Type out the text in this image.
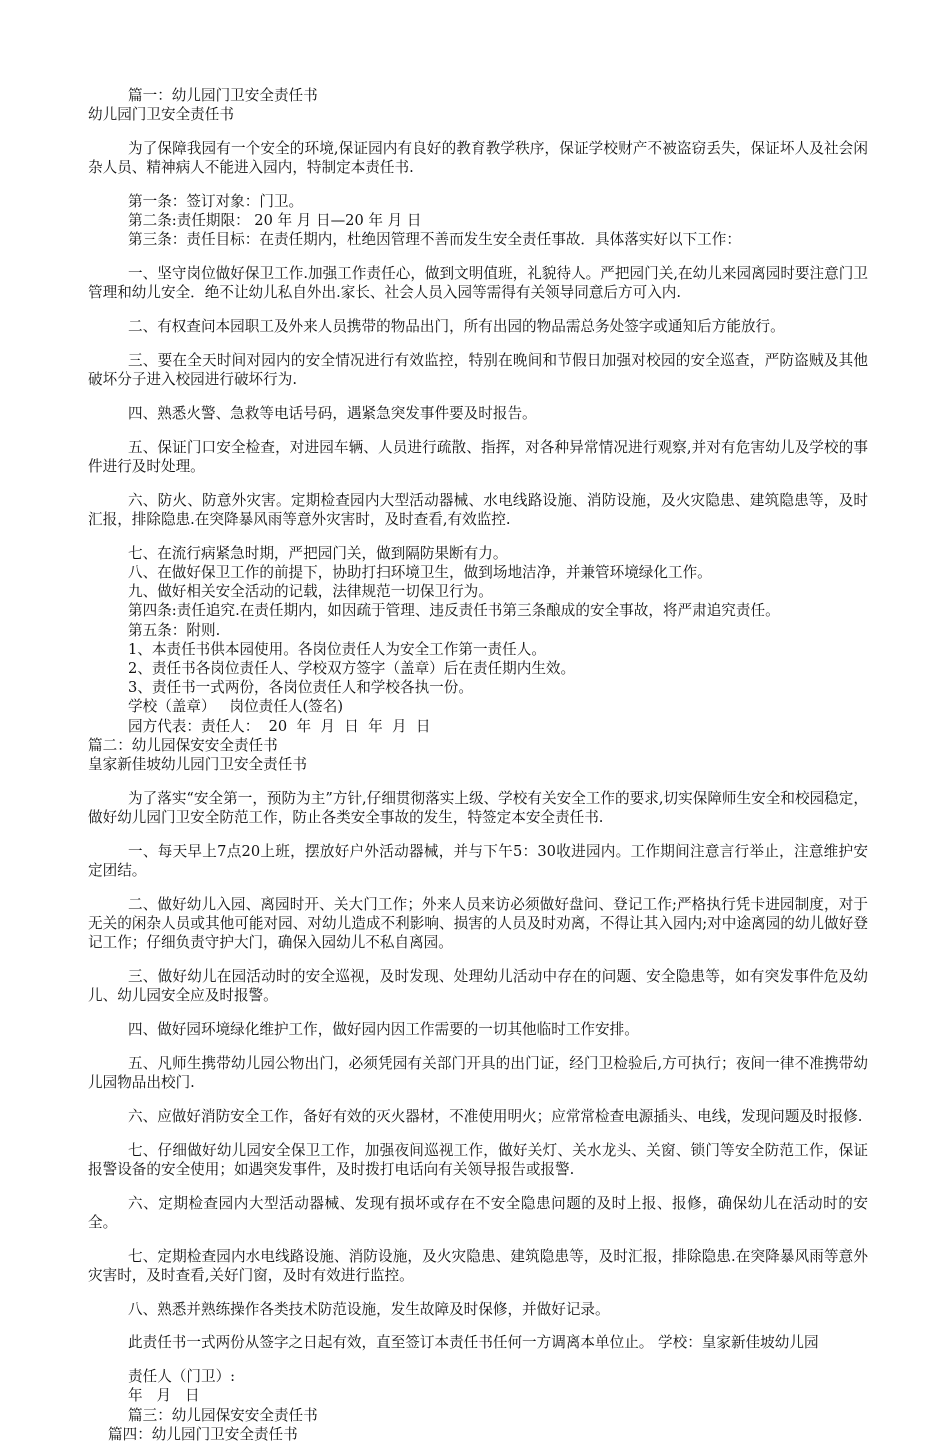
篇一：幼儿园门卫安全责任书

幼儿园门卫安全责任书

为了保障我园有一个安全的环境,保证园内有良好的教育教学秩序，保证学校财产不被盗窃丢失，保证坏人及社会闲杂人员、精神病人不能进入园内，特制定本责任书.

第一条：签订对象：门卫。

第二条:责任期限： 20 年 月 日—20 年 月 日

第三条：责任目标：在责任期内，杜绝因管理不善而发生安全责任事故．具体落实好以下工作：

一、坚守岗位做好保卫工作.加强工作责任心，做到文明值班，礼貌待人。严把园门关,在幼儿来园离园时要注意门卫管理和幼儿安全．绝不让幼儿私自外出.家长、社会人员入园等需得有关领导同意后方可入内.

二、有权查问本园职工及外来人员携带的物品出门，所有出园的物品需总务处签字或通知后方能放行。

三、要在全天时间对园内的安全情况进行有效监控，特别在晚间和节假日加强对校园的安全巡查，严防盗贼及其他破坏分子进入校园进行破坏行为.

四、熟悉火警、急救等电话号码，遇紧急突发事件要及时报告。

五、保证门口安全检查，对进园车辆、人员进行疏散、指挥，对各种异常情况进行观察,并对有危害幼儿及学校的事件进行及时处理。

六、防火、防意外灾害。定期检查园内大型活动器械、水电线路设施、消防设施，及火灾隐患、建筑隐患等，及时汇报，排除隐患.在突降暴风雨等意外灾害时，及时查看,有效监控.

七、在流行病紧急时期，严把园门关，做到隔防果断有力。

八、在做好保卫工作的前提下，协助打扫环境卫生，做到场地洁净，并兼管环境绿化工作。

九、做好相关安全活动的记载，法律规范一切保卫行为。

第四条:责任追究.在责任期内，如因疏于管理、违反责任书第三条酿成的安全事故，将严肃追究责任。

第五条：附则.

1、本责任书供本园使用。各岗位责任人为安全工作第一责任人。

2、责任书各岗位责任人、学校双方签字（盖章）后在责任期内生效。

3、责任书一式两份，各岗位责任人和学校各执一份。

学校（盖章）   岗位责任人(签名)

园方代表：责任人：  20  年  月  日  年  月  日

篇二：幼儿园保安安全责任书

皇家新佳坡幼儿园门卫安全责任书

为了落实“安全第一，预防为主”方针,仔细贯彻落实上级、学校有关安全工作的要求,切实保障师生安全和校园稳定，做好幼儿园门卫安全防范工作，防止各类安全事故的发生，特签定本安全责任书.

一、每天早上7点20上班，摆放好户外活动器械，并与下午5：30收进园内。工作期间注意言行举止，注意维护安定团结。

二、做好幼儿入园、离园时开、关大门工作；外来人员来访必须做好盘问、登记工作;严格执行凭卡进园制度，对于无关的闲杂人员或其他可能对园、对幼儿造成不利影响、损害的人员及时劝离，不得让其入园内;对中途离园的幼儿做好登记工作；仔细负责守护大门，确保入园幼儿不私自离园。

三、做好幼儿在园活动时的安全巡视，及时发现、处理幼儿活动中存在的问题、安全隐患等，如有突发事件危及幼儿、幼儿园安全应及时报警。

四、做好园环境绿化维护工作，做好园内因工作需要的一切其他临时工作安排。

五、凡师生携带幼儿园公物出门，必须凭园有关部门开具的出门证，经门卫检验后,方可执行；夜间一律不准携带幼儿园物品出校门.

六、应做好消防安全工作，备好有效的灭火器材，不准使用明火；应常常检查电源插头、电线，发现问题及时报修.

七、仔细做好幼儿园安全保卫工作，加强夜间巡视工作，做好关灯、关水龙头、关窗、锁门等安全防范工作，保证报警设备的安全使用；如遇突发事件，及时拨打电话向有关领导报告或报警.

六、定期检查园内大型活动器械、发现有损坏或存在不安全隐患问题的及时上报、报修，确保幼儿在活动时的安全。

七、定期检查园内水电线路设施、消防设施，及火灾隐患、建筑隐患等，及时汇报，排除隐患.在突降暴风雨等意外灾害时，及时查看,关好门窗，及时有效进行监控。

八、熟悉并熟练操作各类技术防范设施，发生故障及时保修，并做好记录。

此责任书一式两份从签字之日起有效，直至签订本责任书任何一方调离本单位止。 学校：皇家新佳坡幼儿园

责任人（门卫）:

年   月   日

篇三：幼儿园保安安全责任书

篇四：幼儿园门卫安全责任书
